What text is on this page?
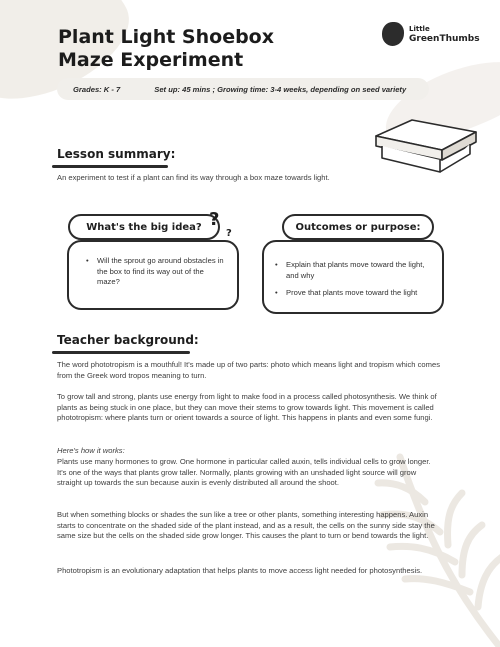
Plant Light Shoebox
Maze Experiment
Little
GreenThumbs
Grades: K - 7	Set up: 45 mins ; Growing time: 3-4 weeks, depending on seed variety
Lesson summary:

An experiment to test if a plant can find its way through a box maze towards light.

• Will the sprout go around obstacles in the box to find its way out of the maze?
What's the big idea? ?
?
• Explain that plants move toward the light, and why
• Prove that plants move toward the light
Outcomes or purpose:
Teacher background:

The word phototropism is a mouthful! It's made up of two parts: photo which means light and tropism which comes from the Greek word tropos meaning to turn.

To grow tall and strong, plants use energy from light to make food in a process called photosynthesis. We think of plants as being stuck in one place, but they can move their stems to grow towards light. This movement is called phototropism: where plants turn or orient towards a source of light. This happens in plants and even some fungi.

Here's how it works:

Plants use many hormones to grow. One hormone in particular called auxin, tells individual cells to grow longer. It's one of the ways that plants grow taller. Normally, plants growing with an unshaded light source will grow straight up towards the sun because auxin is evenly distributed all around the shoot.

But when something blocks or shades the sun like a tree or other plants, something interesting happens. Auxin starts to concentrate on the shaded side of the plant instead, and as a result, the cells on the sunny side stay the same size but the cells on the shaded side grow longer. This causes the plant to turn or bend towards the light.

Phototropism is an evolutionary adaptation that helps plants to move access light needed for photosynthesis.
